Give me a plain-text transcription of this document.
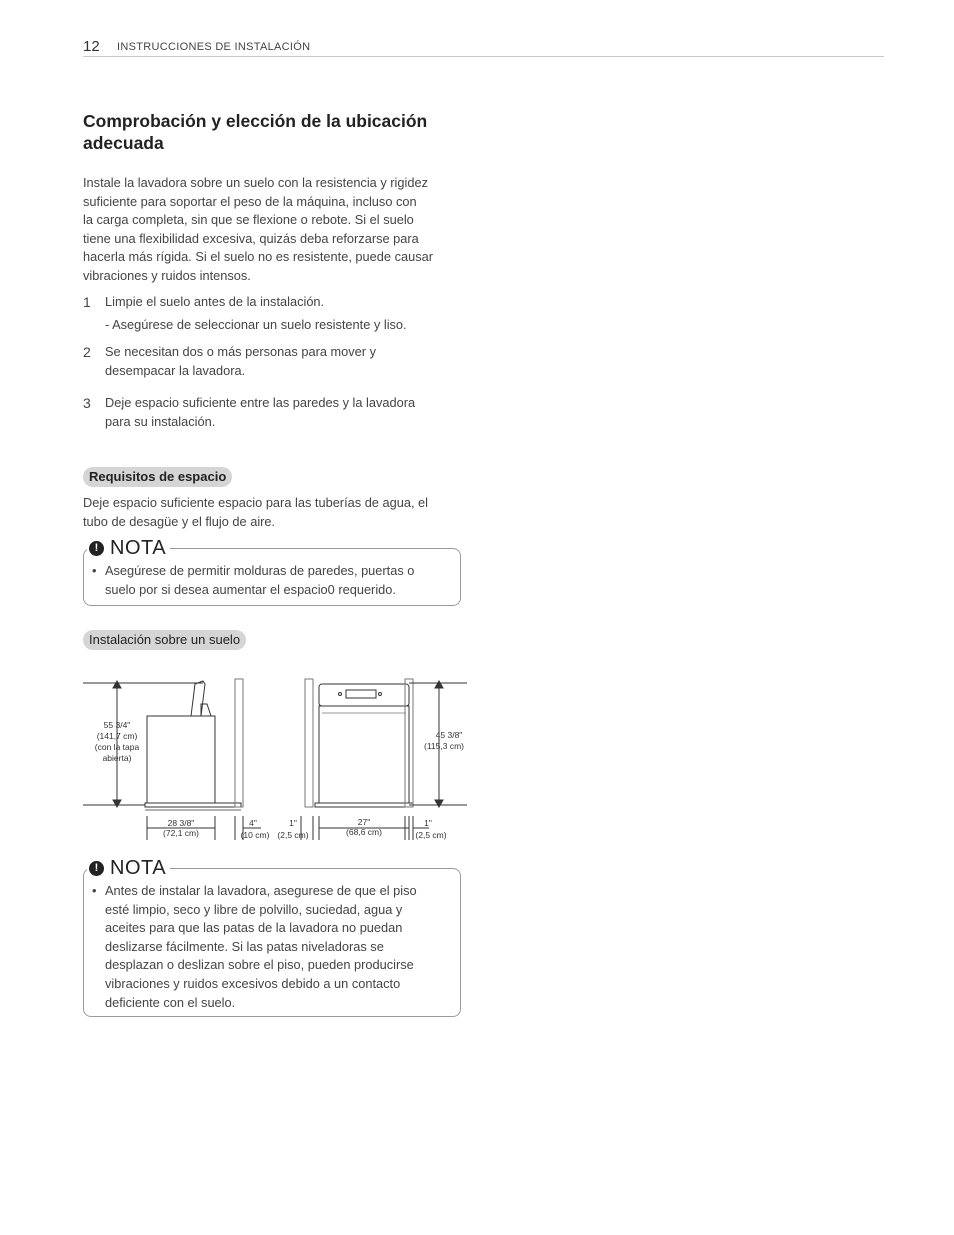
12 INSTRUCCIONES DE INSTALACIÓN
Comprobación y elección de la ubicación
adecuada
Instale la lavadora sobre un suelo con la resistencia y rigidez
suficiente para soportar el peso de la máquina, incluso con
la carga completa, sin que se flexione o rebote. Si el suelo
tiene una flexibilidad excesiva, quizás deba reforzarse para
hacerla más rígida. Si el suelo no es resistente, puede causar
vibraciones y ruidos intensos.
1 Limpie el suelo antes de la instalación.
- Asegúrese de seleccionar un suelo resistente y liso.
2 Se necesitan dos o más personas para mover y
desempacar la lavadora.
3 Deje espacio suficiente entre las paredes y la lavadora
para su instalación.
Requisitos de espacio
Deje espacio suficiente espacio para las tuberías de agua, el
tubo de desagüe y el flujo de aire.
! NOTA
• Asegúrese de permitir molduras de paredes, puertas o
suelo por si desea aumentar el espacio0 requerido.
Instalación sobre un suelo
55 3/4"
(141,7 cm)
(con la tapa
abierta)
28 3/8"
(72,1 cm)
4"
(10 cm)
1"
(2,5 cm)
27"
(68,6 cm)
1"
(2,5 cm)
45 3/8"
(115,3 cm)
! NOTA
• Antes de instalar la lavadora, asegurese de que el piso
esté limpio, seco y libre de polvillo, suciedad, agua y
aceites para que las patas de la lavadora no puedan
deslizarse fácilmente. Si las patas niveladoras se
desplazan o deslizan sobre el piso, pueden producirse
vibraciones y ruidos excesivos debido a un contacto
deficiente con el suelo.
